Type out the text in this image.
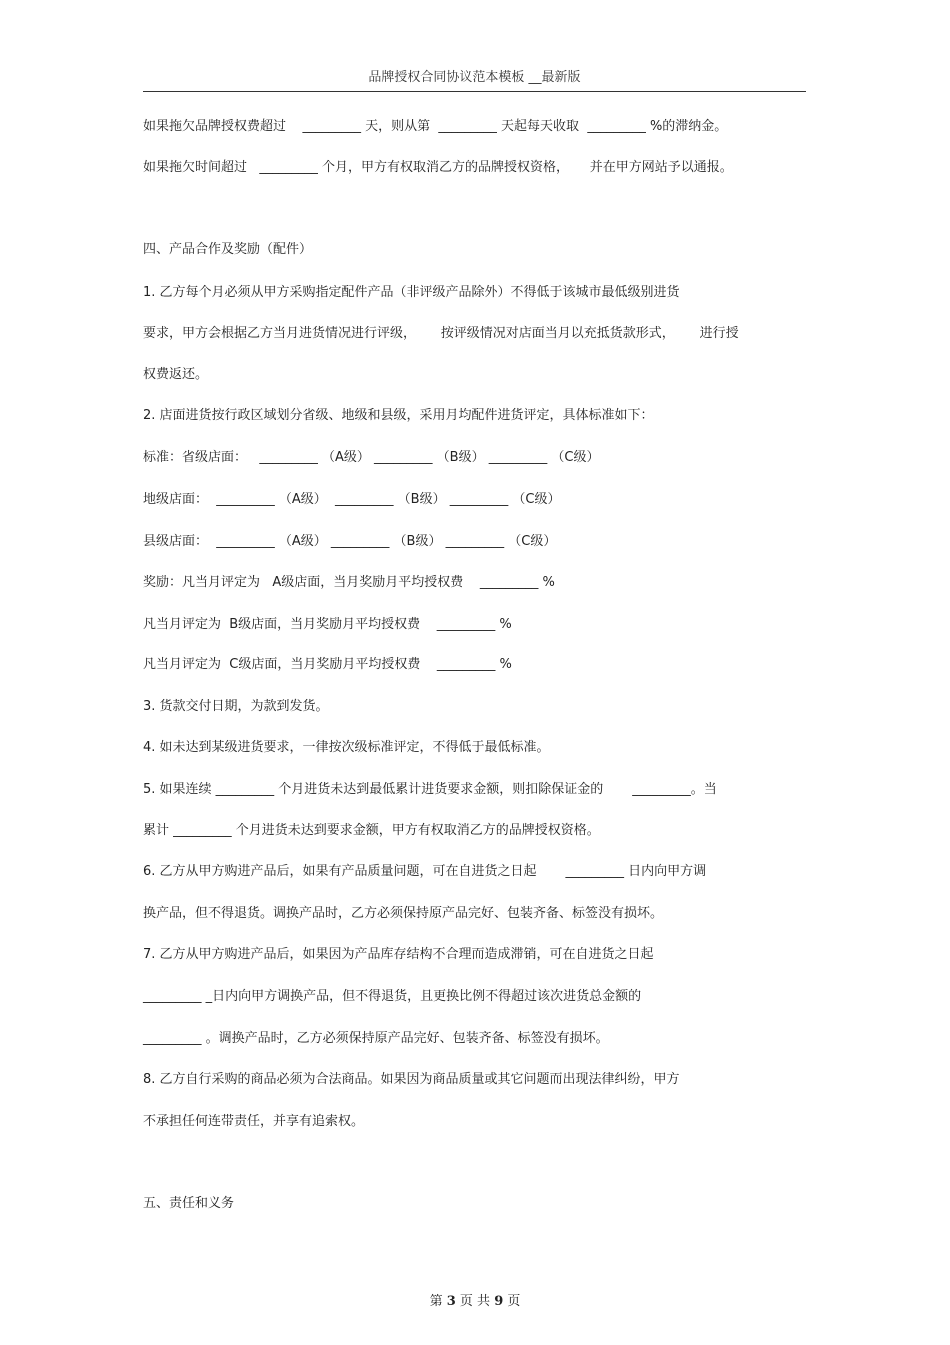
品牌授权合同协议范本模板 __最新版
如果拖欠品牌授权费超过    _________ 天，则从第  _________ 天起每天收取  _________ %的滞纳金。
如果拖欠时间超过   _________ 个月，甲方有权取消乙方的品牌授权资格，     并在甲方网站予以通报。
四、产品合作及奖励（配件）
1. 乙方每个月必须从甲方采购指定配件产品（非评级产品除外）不得低于该城市最低级别进货
要求，甲方会根据乙方当月进货情况进行评级，      按评级情况对店面当月以充抵货款形式，      进行授
权费返还。
2. 店面进货按行政区域划分省级、地级和县级，采用月均配件进货评定，具体标准如下：
标准：省级店面：   _________ （A级） _________ （B级） _________ （C级）
地级店面：  _________ （A级）  _________ （B级） _________ （C级）
县级店面：  _________ （A级） _________ （B级） _________ （C级）
奖励：凡当月评定为   A级店面，当月奖励月平均授权费    _________ %
凡当月评定为  B级店面，当月奖励月平均授权费    _________ %
凡当月评定为  C级店面，当月奖励月平均授权费    _________ %
3. 货款交付日期，为款到发货。
4. 如未达到某级进货要求，一律按次级标准评定，不得低于最低标准。
5. 如果连续 _________ 个月进货未达到最低累计进货要求金额，则扣除保证金的       _________。当
累计 _________ 个月进货未达到要求金额，甲方有权取消乙方的品牌授权资格。
6. 乙方从甲方购进产品后，如果有产品质量问题，可在自进货之日起       _________ 日内向甲方调
换产品，但不得退货。调换产品时，乙方必须保持原产品完好、包装齐备、标签没有损坏。
7. 乙方从甲方购进产品后，如果因为产品库存结构不合理而造成滞销，可在自进货之日起
_________ _日内向甲方调换产品，但不得退货，且更换比例不得超过该次进货总金额的
_________ 。调换产品时，乙方必须保持原产品完好、包装齐备、标签没有损坏。
8. 乙方自行采购的商品必须为合法商品。如果因为商品质量或其它问题而出现法律纠纷，甲方
不承担任何连带责任，并享有追索权。
五、责任和义务
第 3 页 共 9 页
